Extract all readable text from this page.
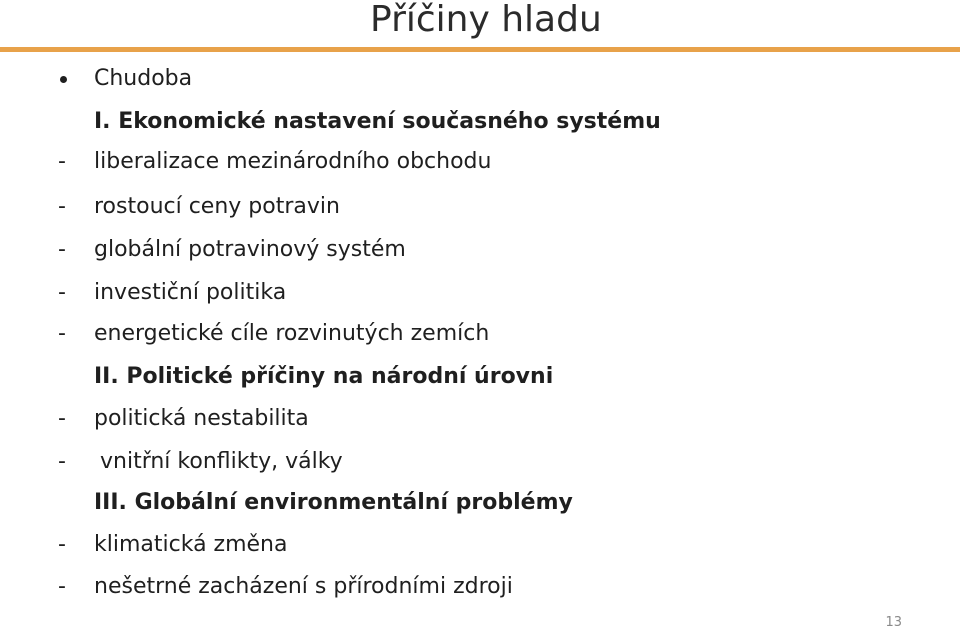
Příčiny hladu
Chudoba
I. Ekonomické nastavení současného systému
- liberalizace mezinárodního obchodu
- rostoucí ceny potravin
- globální potravinový systém
- investiční politika
- energetické cíle rozvinutých zemích
II. Politické příčiny na národní úrovni
- politická nestabilita
- vnitřní konflikty, války
III. Globální environmentální problémy
- klimatická změna
- nešetrné zacházení s přírodními zdroji
13
